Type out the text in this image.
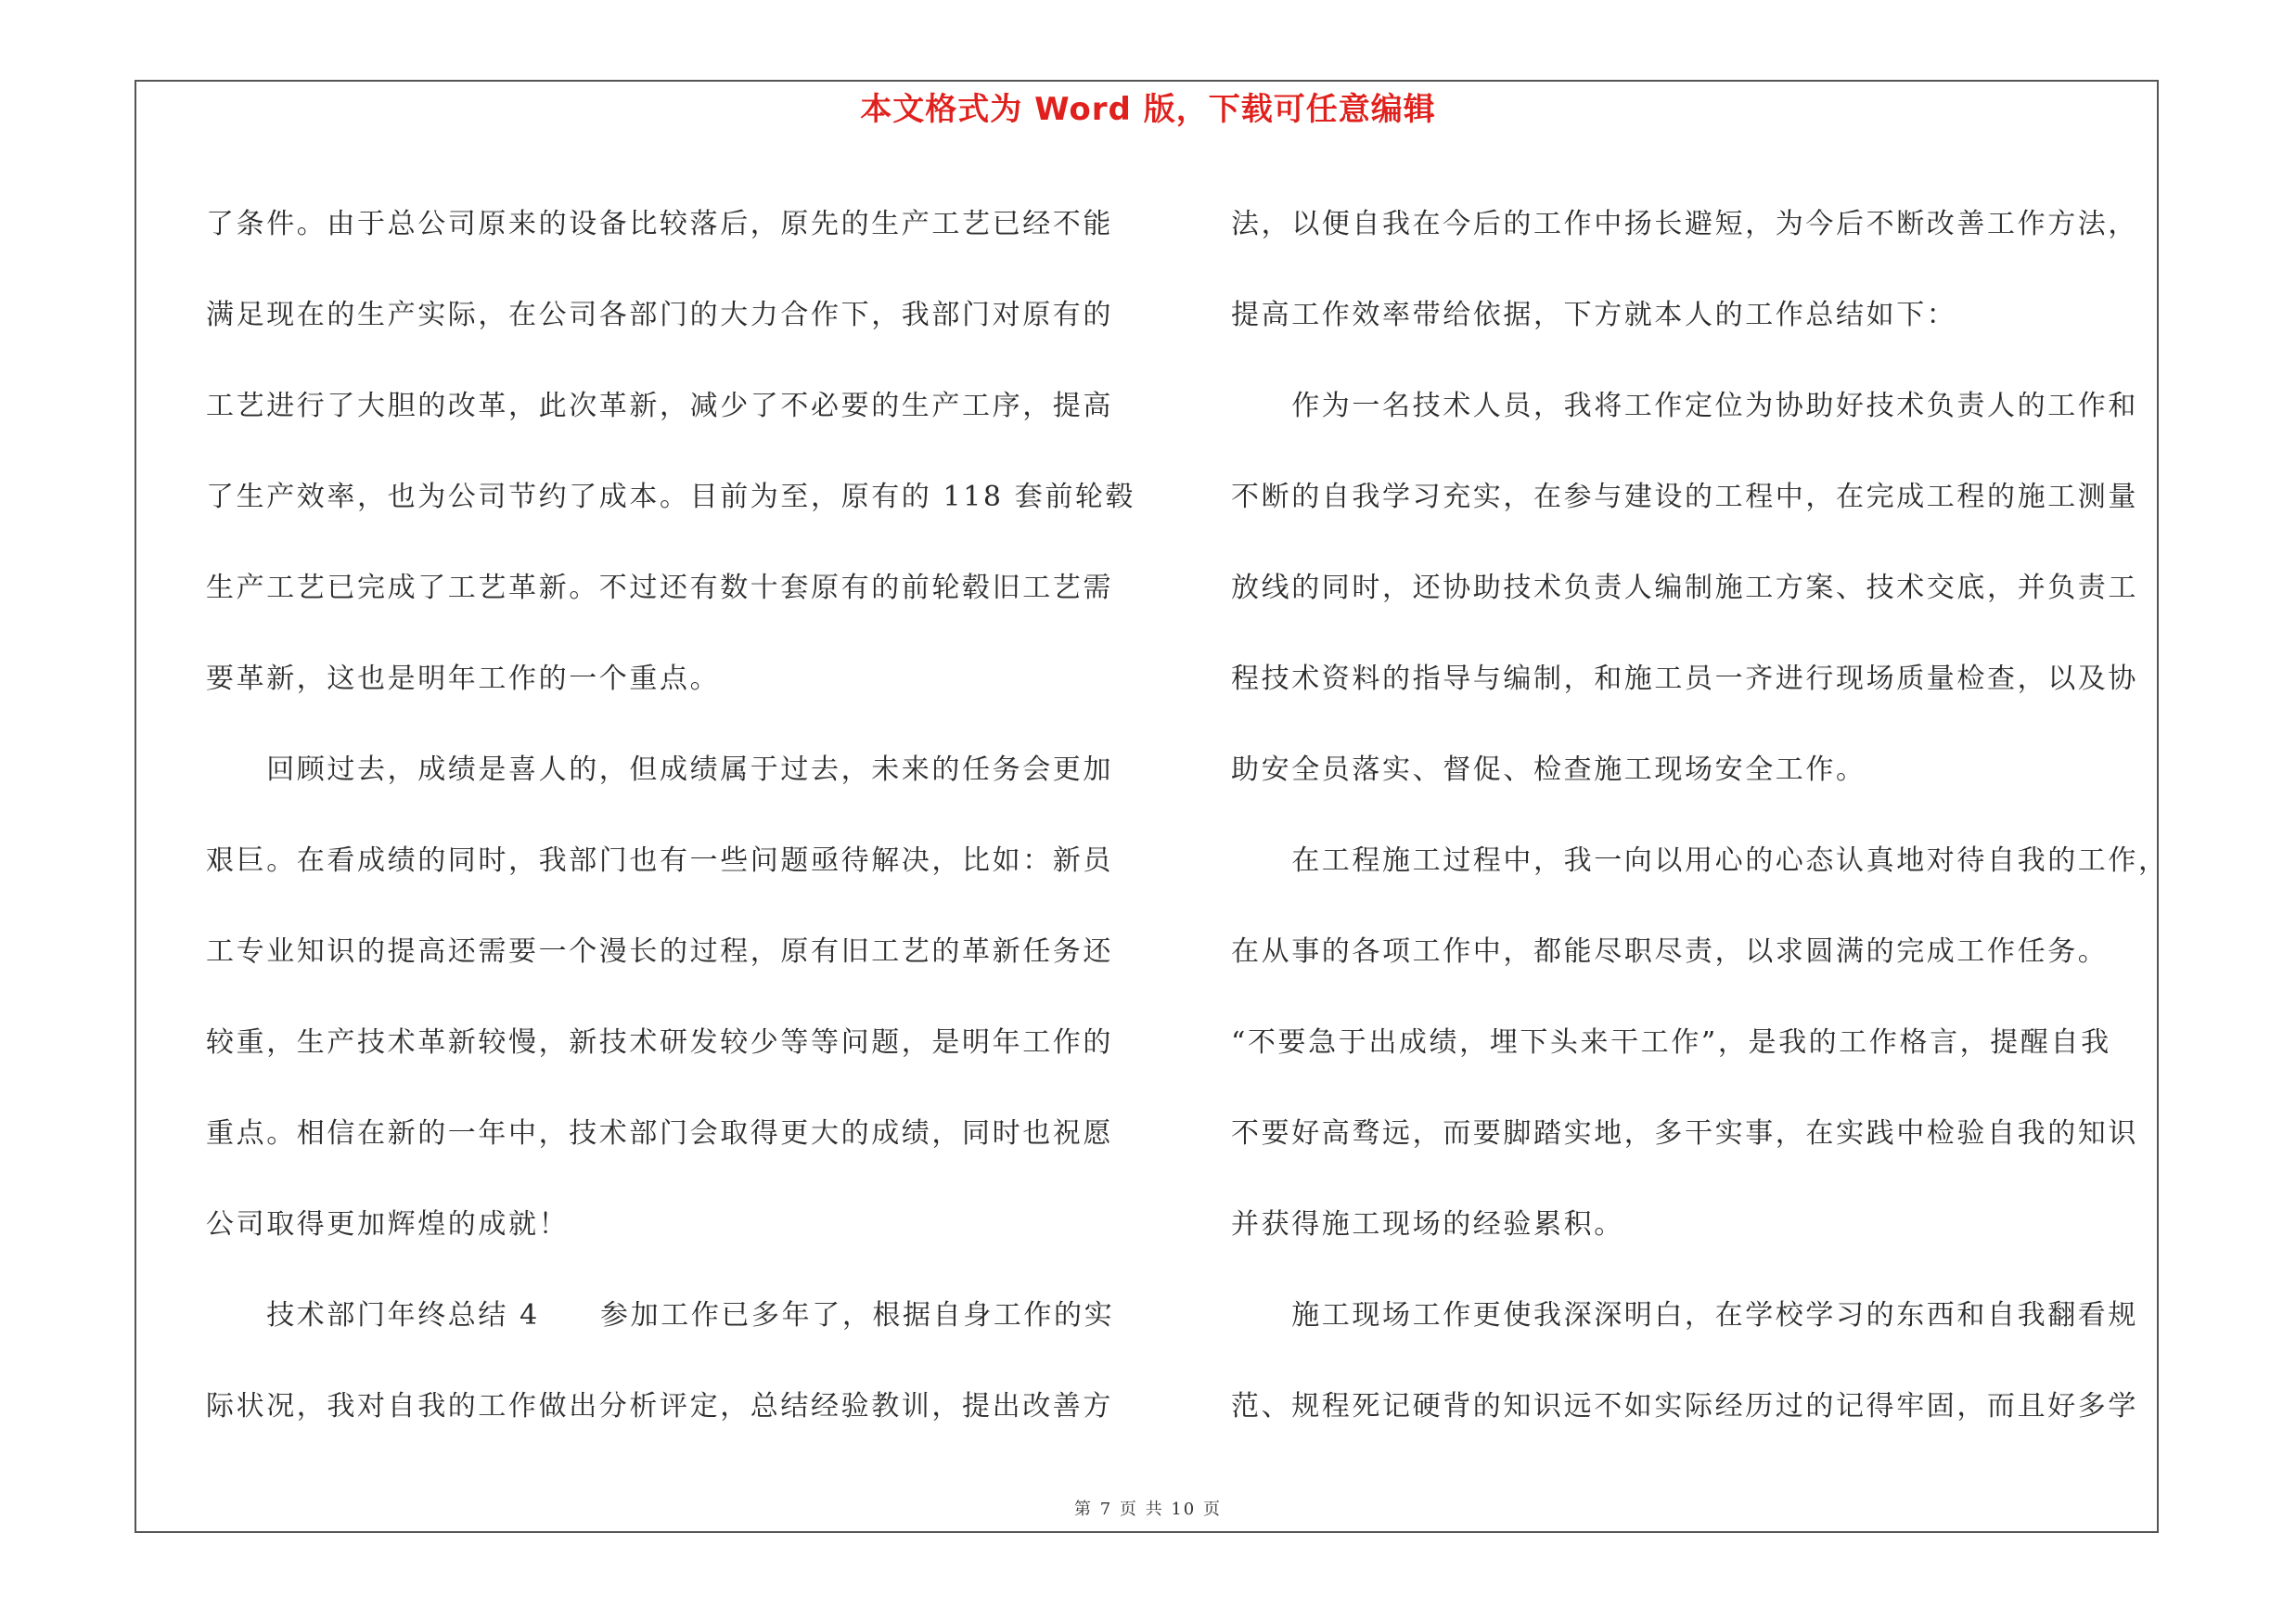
本文格式为 Word 版，下载可任意编辑
了条件。由于总公司原来的设备比较落后，原先的生产工艺已经不能
满足现在的生产实际，在公司各部门的大力合作下，我部门对原有的
工艺进行了大胆的改革，此次革新，减少了不必要的生产工序，提高
了生产效率，也为公司节约了成本。目前为至，原有的 118 套前轮毂
生产工艺已完成了工艺革新。不过还有数十套原有的前轮毂旧工艺需
要革新，这也是明年工作的一个重点。
　　回顾过去，成绩是喜人的，但成绩属于过去，未来的任务会更加
艰巨。在看成绩的同时，我部门也有一些问题亟待解决，比如：新员
工专业知识的提高还需要一个漫长的过程，原有旧工艺的革新任务还
较重，生产技术革新较慢，新技术研发较少等等问题，是明年工作的
重点。相信在新的一年中，技术部门会取得更大的成绩，同时也祝愿
公司取得更加辉煌的成就！
　　技术部门年终总结 4　　参加工作已多年了，根据自身工作的实
际状况，我对自我的工作做出分析评定，总结经验教训，提出改善方
法，以便自我在今后的工作中扬长避短，为今后不断改善工作方法，
提高工作效率带给依据，下方就本人的工作总结如下：
　　作为一名技术人员，我将工作定位为协助好技术负责人的工作和
不断的自我学习充实，在参与建设的工程中，在完成工程的施工测量
放线的同时，还协助技术负责人编制施工方案、技术交底，并负责工
程技术资料的指导与编制，和施工员一齐进行现场质量检查，以及协
助安全员落实、督促、检查施工现场安全工作。
　　在工程施工过程中，我一向以用心的心态认真地对待自我的工作，
在从事的各项工作中，都能尽职尽责，以求圆满的完成工作任务。
“不要急于出成绩，埋下头来干工作”，是我的工作格言，提醒自我
不要好高骛远，而要脚踏实地，多干实事，在实践中检验自我的知识
并获得施工现场的经验累积。
　　施工现场工作更使我深深明白，在学校学习的东西和自我翻看规
范、规程死记硬背的知识远不如实际经历过的记得牢固，而且好多学
第 7 页 共 10 页
